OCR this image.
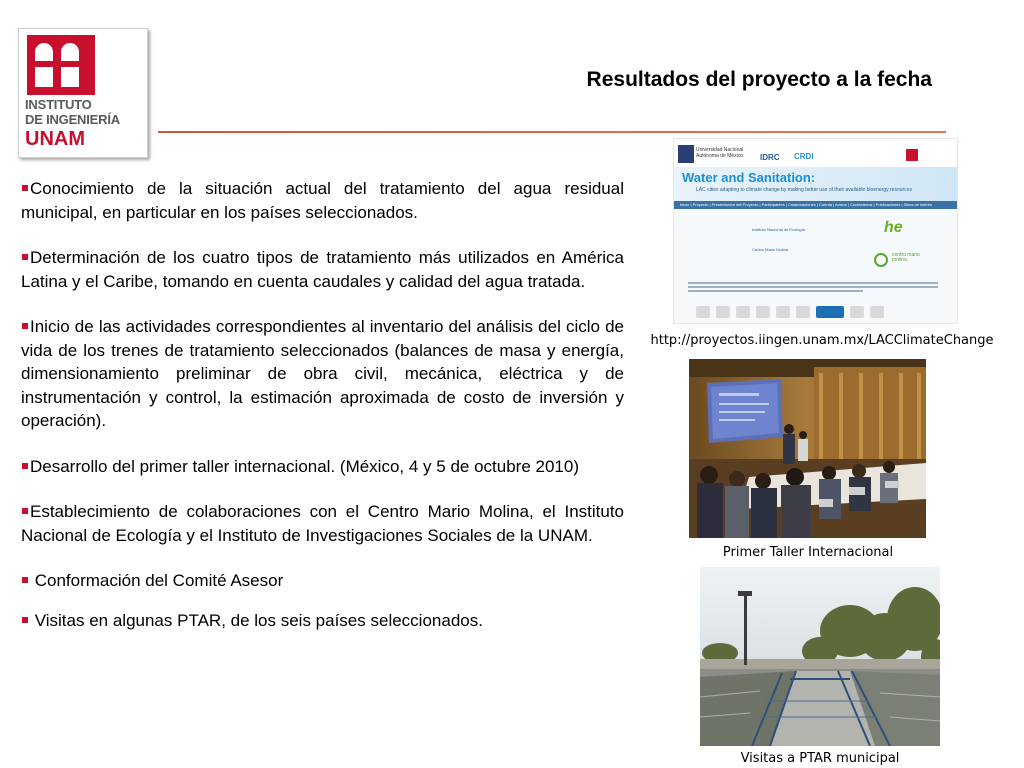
INSTITUTO
DE INGENIERÍA
UNAM
Resultados del proyecto a la fecha
Conocimiento de la situación actual del tratamiento del agua residual municipal, en particular en los países seleccionados.
Determinación de los cuatro tipos de tratamiento más utilizados en América Latina y el Caribe, tomando en cuenta caudales y calidad del agua tratada.
Inicio de las actividades correspondientes al inventario del análisis del ciclo de vida de los trenes de tratamiento seleccionados (balances de masa y energía, dimensionamiento preliminar de obra civil, mecánica, eléctrica y de instrumentación y control, la estimación aproximada de costo de inversión y operación).
Desarrollo del primer taller internacional. (México, 4 y 5 de octubre 2010)
Establecimiento de colaboraciones con el Centro Mario Molina, el Instituto Nacional de Ecología y el Instituto de Investigaciones Sociales de la UNAM.
Conformación del Comité Asesor
Visitas en algunas PTAR, de los seis países seleccionados.
Universidad Nacional Autónoma de México	IDRC CRDI
Water and Sanitation:
LAC cities adapting to climate change by making better use of their available bioenergy resources
Inicio | Proyecto | Presentación del Proyecto | Participantes | Colaboraciones | Cuenta | Avisos | Contáctenos | Publicaciones | Sitios de interés
Instituto Nacional de Ecología
Centro Mario Molina
he
centro mario molina
http://proyectos.iingen.unam.mx/LACClimateChange
Primer Taller Internacional
Visitas a PTAR municipal
